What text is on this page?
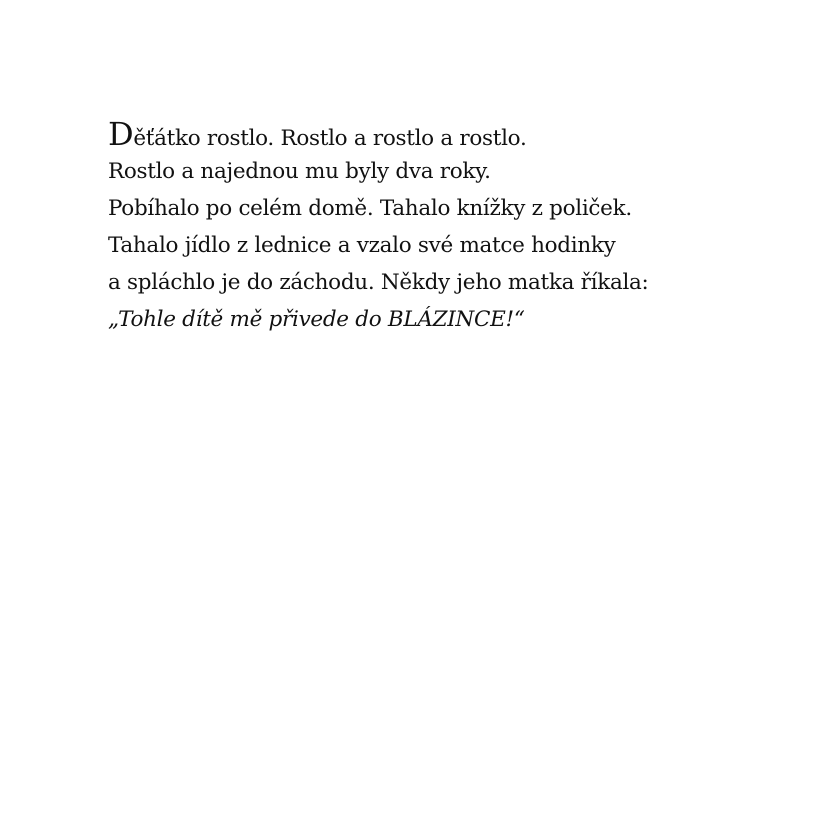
Děťátko rostlo. Rostlo a rostlo a rostlo.
Rostlo a najednou mu byly dva roky.
Pobíhalo po celém domě. Tahalo knížky z poliček.
Tahalo jídlo z lednice a vzalo své matce hodinky
a spláchlo je do záchodu. Někdy jeho matka říkala:
„Tohle dítě mě přivede do BLÁZINCE!“
